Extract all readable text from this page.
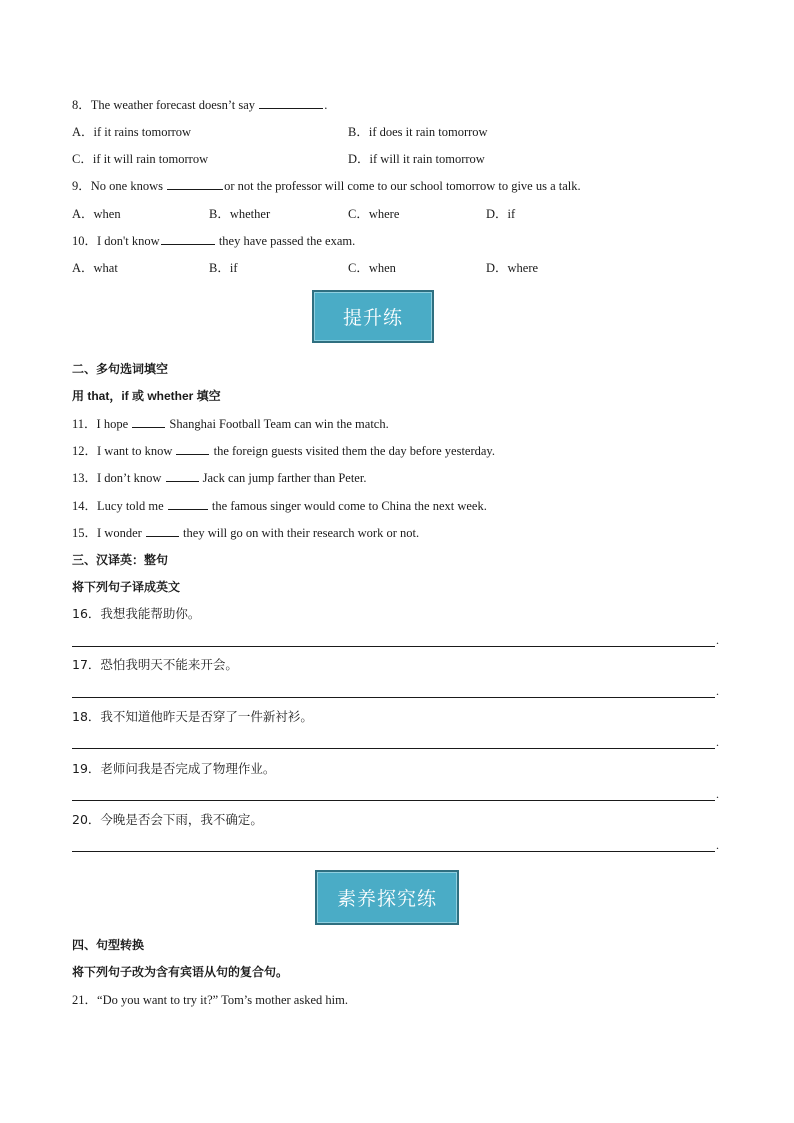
8．The weather forecast doesn’t say	.
A．if it rains tomorrow	B．if does it rain tomorrow
C．if it will rain tomorrow	D．if will it rain tomorrow
9．No one knows	or not the professor will come to our school tomorrow to give us a talk.
A．when	B．whether	C．where	D．if
10．I don't know	they have passed the exam.
A．what	B．if	C．when	D．where
提升练
二、多句选词填空
用 that，if 或 whether 填空
11．I hope	Shanghai Football Team can win the match.
12．I want to know	the foreign guests visited them the day before yesterday.
13．I don’t know	Jack can jump farther than Peter.
14．Lucy told me	the famous singer would come to China the next week.
15．I wonder	they will go on with their research work or not.
三、汉译英：整句
将下列句子译成英文
16．我想我能帮助你。
.
17．恐怕我明天不能来开会。
.
18．我不知道他昨天是否穿了一件新衬衫。
.
19．老师问我是否完成了物理作业。
.
20．今晚是否会下雨，我不确定。
.
素养探究练
四、句型转换
将下列句子改为含有宾语从句的复合句。
21．“Do you want to try it?” Tom’s mother asked him.
